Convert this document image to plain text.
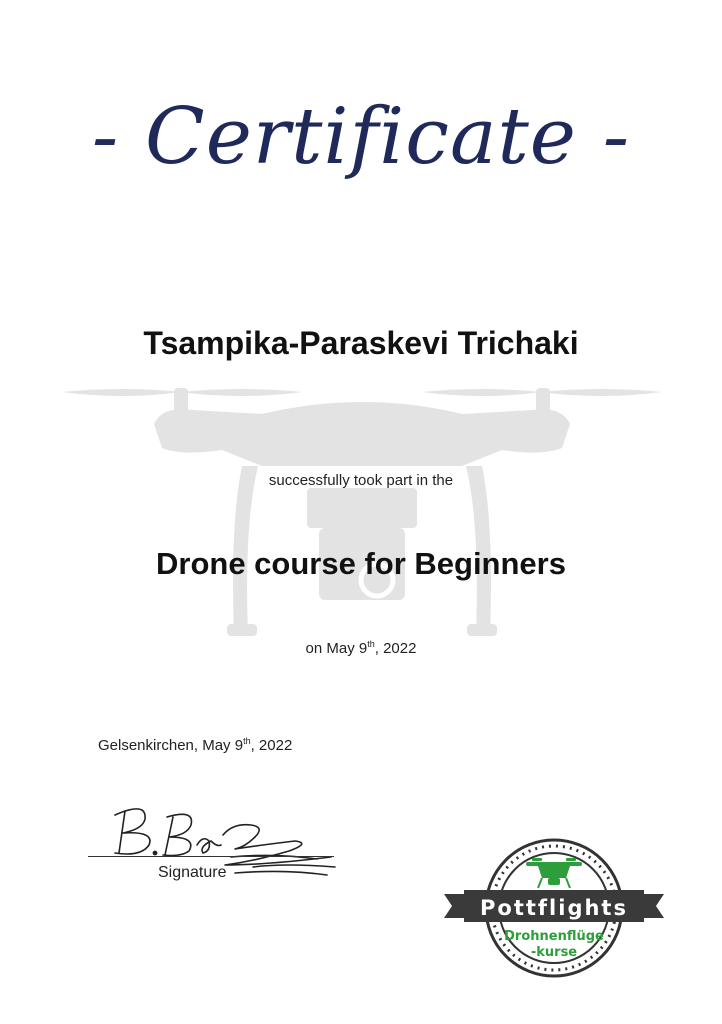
- Certificate -
Tsampika-Paraskevi Trichaki
successfully took part in the
Drone course for Beginners
on May 9th, 2022
Gelsenkirchen, May 9th, 2022
Signature
Pottflights
Drohnenflüge
-kurse
